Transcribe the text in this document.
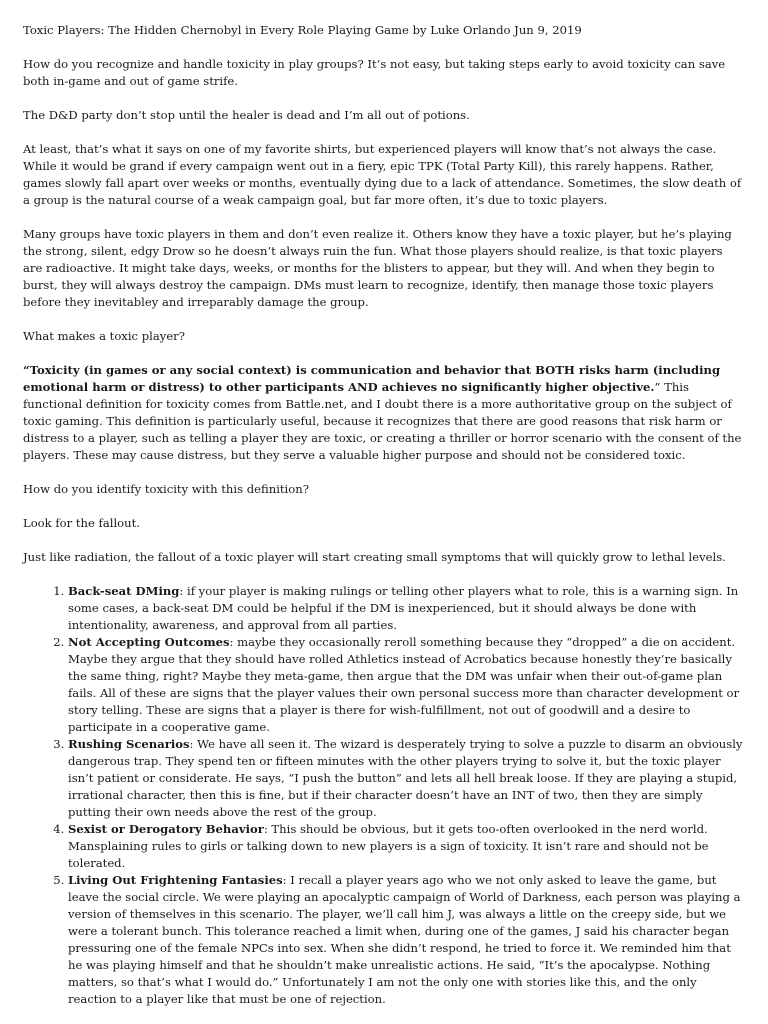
Toxic Players: The Hidden Chernobyl in Every Role Playing Game by Luke Orlando Jun 9, 2019

How do you recognize and handle toxicity in play groups? It’s not easy, but taking steps early to avoid toxicity can save both in-game and out of game strife.

The D&D party don’t stop until the healer is dead and I’m all out of potions.

At least, that’s what it says on one of my favorite shirts, but experienced players will know that’s not always the case. While it would be grand if every campaign went out in a fiery, epic TPK (Total Party Kill), this rarely happens. Rather, games slowly fall apart over weeks or months, eventually dying due to a lack of attendance. Sometimes, the slow death of a group is the natural course of a weak campaign goal, but far more often, it’s due to toxic players.

Many groups have toxic players in them and don’t even realize it. Others know they have a toxic player, but he’s playing the strong, silent, edgy Drow so he doesn’t always ruin the fun. What those players should realize, is that toxic players are radioactive. It might take days, weeks, or months for the blisters to appear, but they will. And when they begin to burst, they will always destroy the campaign. DMs must learn to recognize, identify, then manage those toxic players before they inevitabley and irreparably damage the group.

What makes a toxic player?

“Toxicity (in games or any social context) is communication and behavior that BOTH risks harm (including emotional harm or distress) to other participants AND achieves no significantly higher objective.” This functional definition for toxicity comes from Battle.net, and I doubt there is a more authoritative group on the subject of toxic gaming. This definition is particularly useful, because it recognizes that there are good reasons that risk harm or distress to a player, such as telling a player they are toxic, or creating a thriller or horror scenario with the consent of the players. These may cause distress, but they serve a valuable higher purpose and should not be considered toxic.

How do you identify toxicity with this definition?

Look for the fallout.

Just like radiation, the fallout of a toxic player will start creating small symptoms that will quickly grow to lethal levels.

1. Back-seat DMing: if your player is making rulings or telling other players what to role, this is a warning sign. In some cases, a back-seat DM could be helpful if the DM is inexperienced, but it should always be done with intentionality, awareness, and approval from all parties.
2. Not Accepting Outcomes: maybe they occasionally reroll something because they “dropped” a die on accident. Maybe they argue that they should have rolled Athletics instead of Acrobatics because honestly they’re basically the same thing, right? Maybe they meta-game, then argue that the DM was unfair when their out-of-game plan fails. All of these are signs that the player values their own personal success more than character development or story telling. These are signs that a player is there for wish-fulfillment, not out of goodwill and a desire to participate in a cooperative game.
3. Rushing Scenarios: We have all seen it. The wizard is desperately trying to solve a puzzle to disarm an obviously dangerous trap. They spend ten or fifteen minutes with the other players trying to solve it, but the toxic player isn’t patient or considerate. He says, “I push the button” and lets all hell break loose. If they are playing a stupid, irrational character, then this is fine, but if their character doesn’t have an INT of two, then they are simply putting their own needs above the rest of the group.
4. Sexist or Derogatory Behavior: This should be obvious, but it gets too-often overlooked in the nerd world. Mansplaining rules to girls or talking down to new players is a sign of toxicity. It isn’t rare and should not be tolerated.
5. Living Out Frightening Fantasies: I recall a player years ago who we not only asked to leave the game, but leave the social circle. We were playing an apocalyptic campaign of World of Darkness, each person was playing a version of themselves in this scenario. The player, we’ll call him J, was always a little on the creepy side, but we were a tolerant bunch. This tolerance reached a limit when, during one of the games, J said his character began pressuring one of the female NPCs into sex. When she didn’t respond, he tried to force it. We reminded him that he was playing himself and that he shouldn’t make unrealistic actions. He said, “It’s the apocalypse. Nothing matters, so that’s what I would do.” Unfortunately I am not the only one with stories like this, and the only reaction to a player like that must be one of rejection.
